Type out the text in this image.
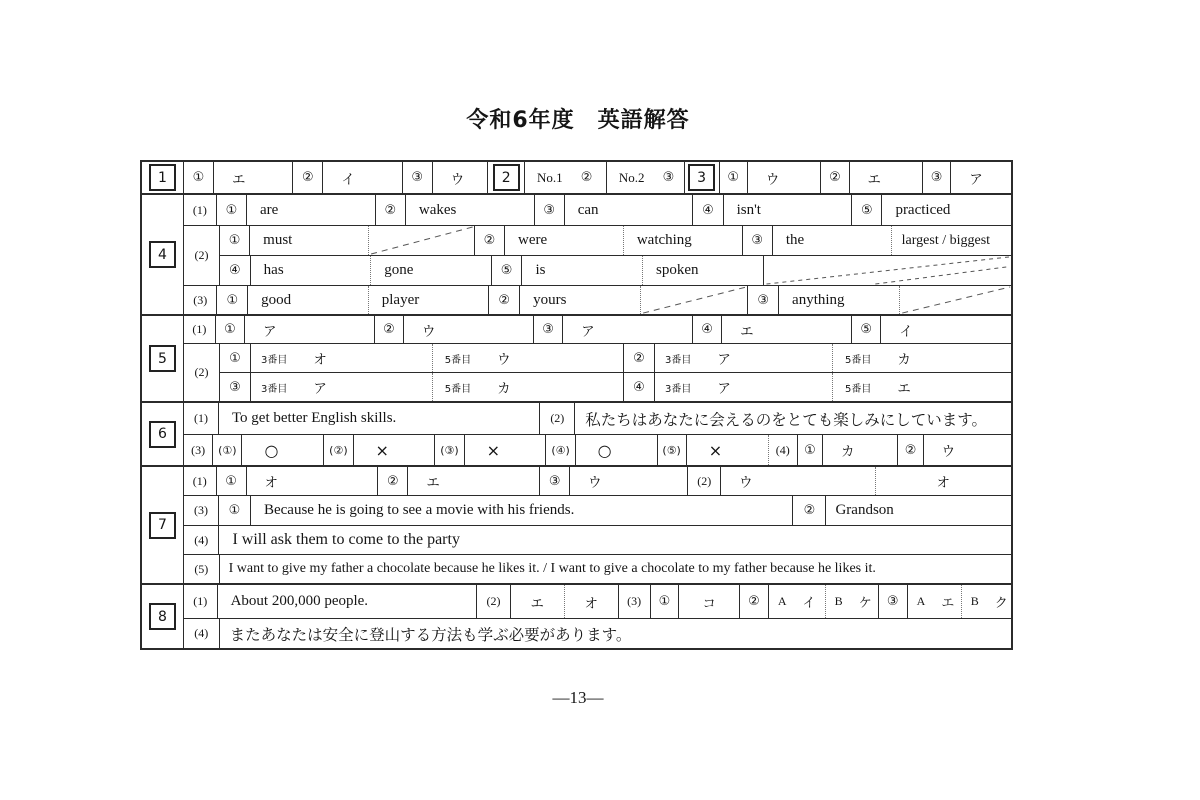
令和6年度　英語解答
1	①	エ	②	イ	③	ウ	2	No.1 ② No.2 ③	3	①	ウ	②	エ	③	ア
4
(1)	①	are	②	wakes	③	can	④	isn't	⑤	practiced
(2)
①	must	②	were	watching	③	the	largest / biggest
④	has	gone	⑤	is	spoken
(3)	①	good	player	②	yours	③	anything
5
(1)	①	ア	②	ウ	③	ア	④	エ	⑤	イ
(2)
①	3番目 オ	5番目 ウ	②	3番目 ア	5番目 カ
③	3番目 ア	5番目 カ	④	3番目 ア	5番目 エ
6
(1)	To get better English skills.	(2)	私たちはあなたに会えるのをとても楽しみにしています。
(3)	(①)	○	(②)	×	(③)	×	(④)	○	(⑤)	×	(4)	①	カ	②	ウ
7
(1)	①	オ	②	エ	③	ウ	(2)	ウ	オ
(3)	①	Because he is going to see a movie with his friends.	②	Grandson
(4)	I will ask them to come to the party
(5)	I want to give my father a chocolate because he likes it. / I want to give a chocolate to my father because he likes it.
8
(1)	About 200,000 people.	(2)	エ	オ	(3)	①	コ	②	A イ B ケ	③	A エ B ク
(4)	またあなたは安全に登山する方法も学ぶ必要があります。
—13—
